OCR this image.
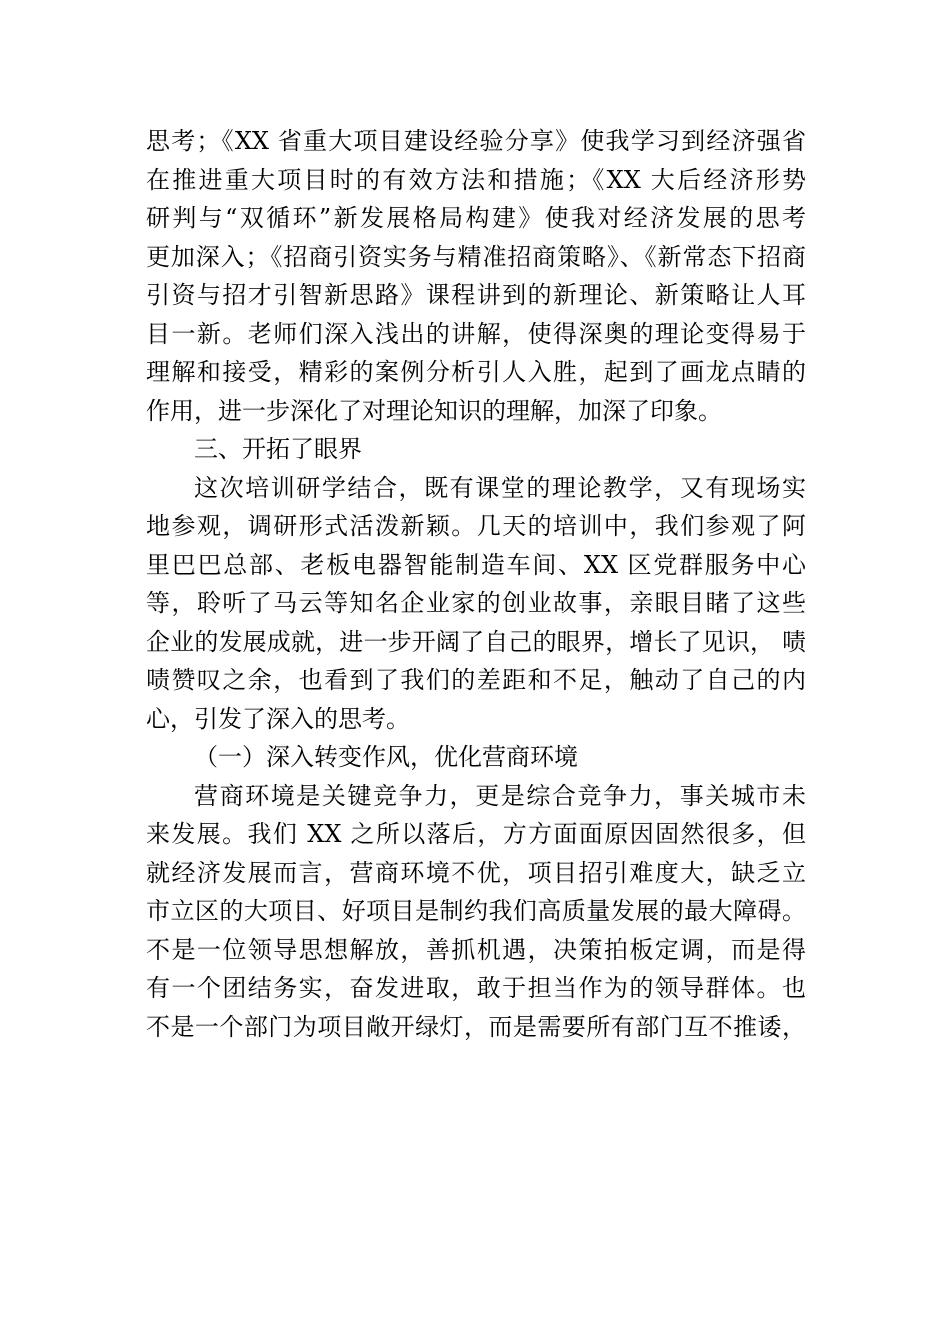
思考；《XX 省重大项目建设经验分享》使我学习到经济强省
在推进重大项目时的有效方法和措施；《XX 大后经济形势
研判与“双循环”新发展格局构建》使我对经济发展的思考
更加深入；《招商引资实务与精准招商策略》、《新常态下招商
引资与招才引智新思路》课程讲到的新理论、新策略让人耳
目一新。老师们深入浅出的讲解，使得深奥的理论变得易于
理解和接受，精彩的案例分析引人入胜，起到了画龙点睛的
作用，进一步深化了对理论知识的理解，加深了印象。
三、开拓了眼界
这次培训研学结合，既有课堂的理论教学，又有现场实
地参观，调研形式活泼新颖。几天的培训中，我们参观了阿
里巴巴总部、老板电器智能制造车间、XX 区党群服务中心
等，聆听了马云等知名企业家的创业故事，亲眼目睹了这些
企业的发展成就，进一步开阔了自己的眼界，增长了见识， 啧
啧赞叹之余，也看到了我们的差距和不足，触动了自己的内
心，引发了深入的思考。
（一）深入转变作风，优化营商环境
营商环境是关键竞争力，更是综合竞争力，事关城市未
来发展。我们 XX 之所以落后，方方面面原因固然很多，但
就经济发展而言，营商环境不优，项目招引难度大，缺乏立
市立区的大项目、好项目是制约我们高质量发展的最大障碍。
不是一位领导思想解放，善抓机遇，决策拍板定调，而是得
有一个团结务实，奋发进取，敢于担当作为的领导群体。也
不是一个部门为项目敞开绿灯，而是需要所有部门互不推诿，
